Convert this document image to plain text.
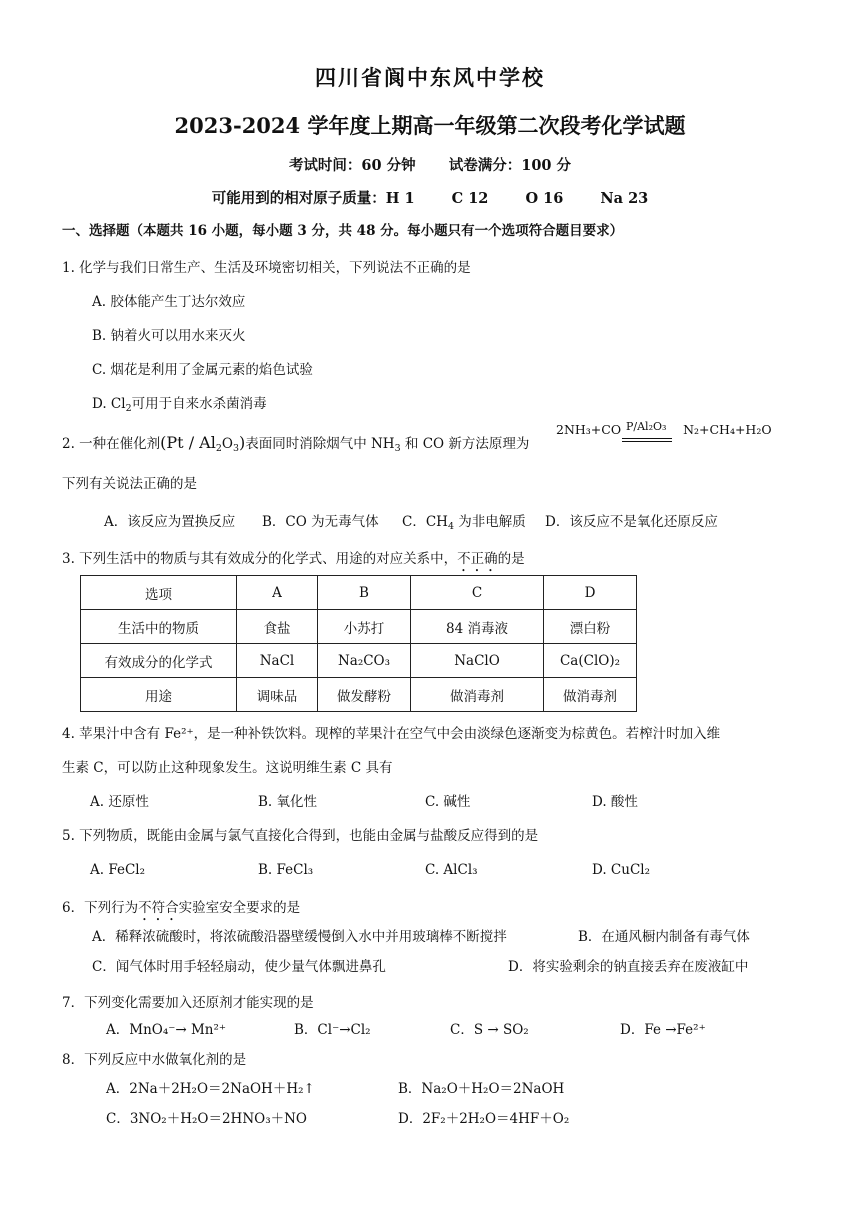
四川省阆中东风中学校
2023-2024 学年度上期高一年级第二次段考化学试题
考试时间：60 分钟 试卷满分：100 分
可能用到的相对原子质量：H 1	C 12	O 16	Na 23
一、选择题（本题共 16 小题，每小题 3 分，共 48 分。每小题只有一个选项符合题目要求）
1. 化学与我们日常生产、生活及环境密切相关，下列说法不正确的是
A. 胶体能产生丁达尔效应
B. 钠着火可以用水来灭火
C. 烟花是利用了金属元素的焰色试验
D. $Cl_2$可用于自来水杀菌消毒
2. 一种在催化剂$(Pt / Al_2O_3)$表面同时消除烟气中 $NH_3$ 和 CO 新方法原理为
2NH₃+CO P/Al₂O₃ N₂+CH₄+H₂O
下列有关说法正确的是
A．该反应为置换反应 B．CO 为无毒气体 C．$CH_4$ 为非电解质 D．该反应不是氧化还原反应
3. 下列生活中的物质与其有效成分的化学式、用途的对应关系中，不正确的是
选项	A	B	C	D
生活中的物质	食盐	小苏打	84 消毒液	漂白粉
有效成分的化学式	NaCl	Na₂CO₃	NaClO	Ca(ClO)₂
用途	调味品	做发酵粉	做消毒剂	做消毒剂
4. 苹果汁中含有 Fe²⁺，是一种补铁饮料。现榨的苹果汁在空气中会由淡绿色逐渐变为棕黄色。若榨汁时加入维
生素 C，可以防止这种现象发生。这说明维生素 C 具有
A. 还原性	B. 氧化性	C. 碱性	D. 酸性
5. 下列物质，既能由金属与氯气直接化合得到，也能由金属与盐酸反应得到的是
A. FeCl₂	B. FeCl₃	C. AlCl₃	D. CuCl₂
6．下列行为不符合实验室安全要求的是
A．稀释浓硫酸时，将浓硫酸沿器壁缓慢倒入水中并用玻璃棒不断搅拌	B．在通风橱内制备有毒气体
C．闻气体时用手轻轻扇动，使少量气体飘进鼻孔	D．将实验剩余的钠直接丢弃在废液缸中
7．下列变化需要加入还原剂才能实现的是
A．MnO₄⁻→ Mn²⁺	B．Cl⁻→Cl₂	C．S → SO₂	D．Fe →Fe²⁺
8．下列反应中水做氧化剂的是
A．2Na＋2H₂O＝2NaOH＋H₂↑	B．Na₂O＋H₂O＝2NaOH
C．3NO₂＋H₂O＝2HNO₃＋NO	D．2F₂＋2H₂O＝4HF＋O₂
